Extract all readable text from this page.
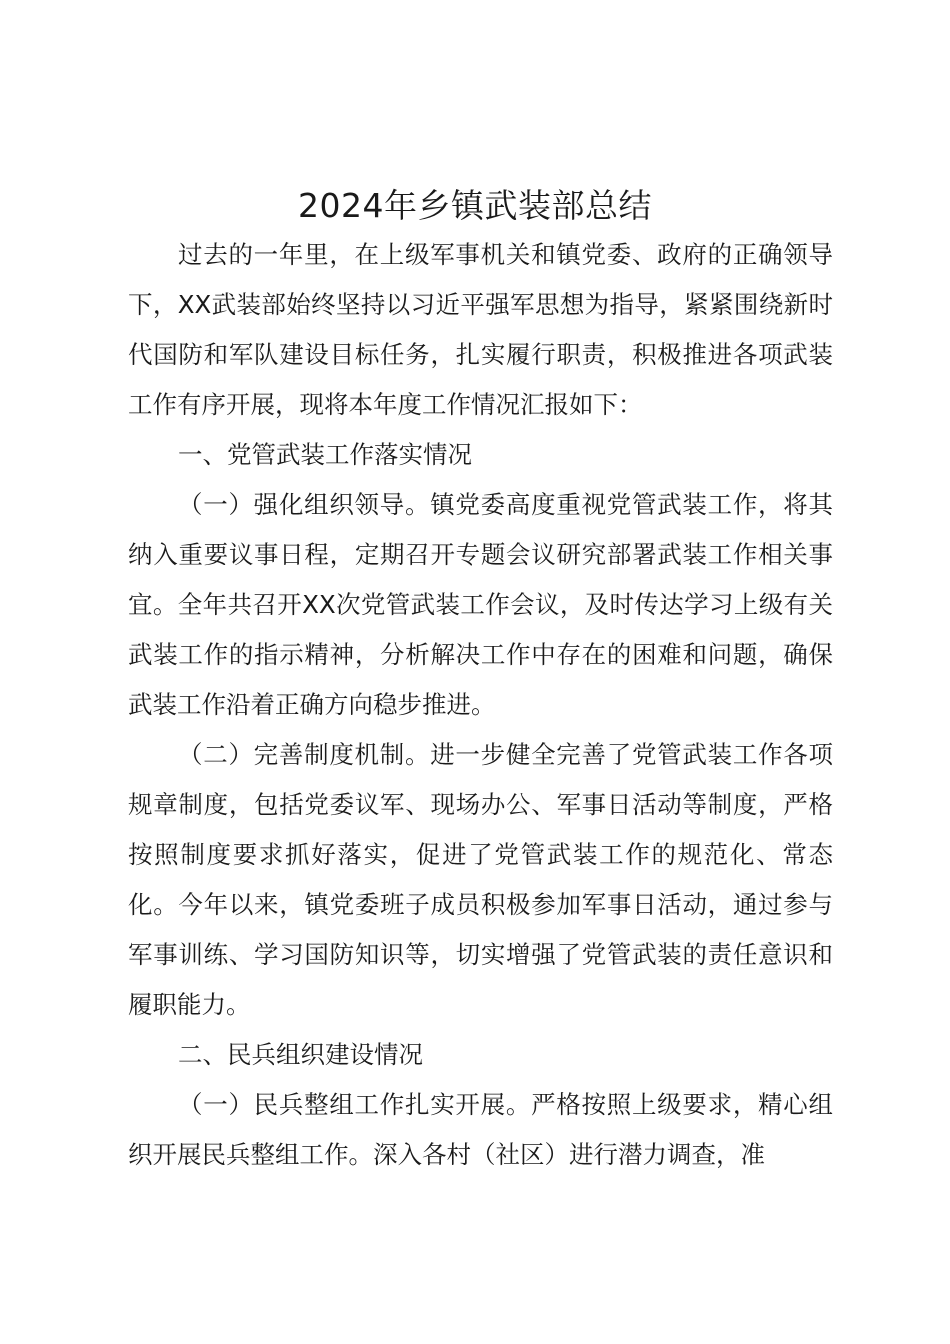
2024年乡镇武装部总结

过去的一年里，在上级军事机关和镇党委、政府的正确领导下，XX武装部始终坚持以习近平强军思想为指导，紧紧围绕新时代国防和军队建设目标任务，扎实履行职责，积极推进各项武装工作有序开展，现将本年度工作情况汇报如下：

一、党管武装工作落实情况

（一）强化组织领导。镇党委高度重视党管武装工作，将其纳入重要议事日程，定期召开专题会议研究部署武装工作相关事宜。全年共召开XX次党管武装工作会议，及时传达学习上级有关武装工作的指示精神，分析解决工作中存在的困难和问题，确保武装工作沿着正确方向稳步推进。

（二）完善制度机制。进一步健全完善了党管武装工作各项规章制度，包括党委议军、现场办公、军事日活动等制度，严格按照制度要求抓好落实，促进了党管武装工作的规范化、常态化。今年以来，镇党委班子成员积极参加军事日活动，通过参与军事训练、学习国防知识等，切实增强了党管武装的责任意识和履职能力。

二、民兵组织建设情况

（一）民兵整组工作扎实开展。严格按照上级要求，精心组织开展民兵整组工作。深入各村（社区）进行潜力调查，准
